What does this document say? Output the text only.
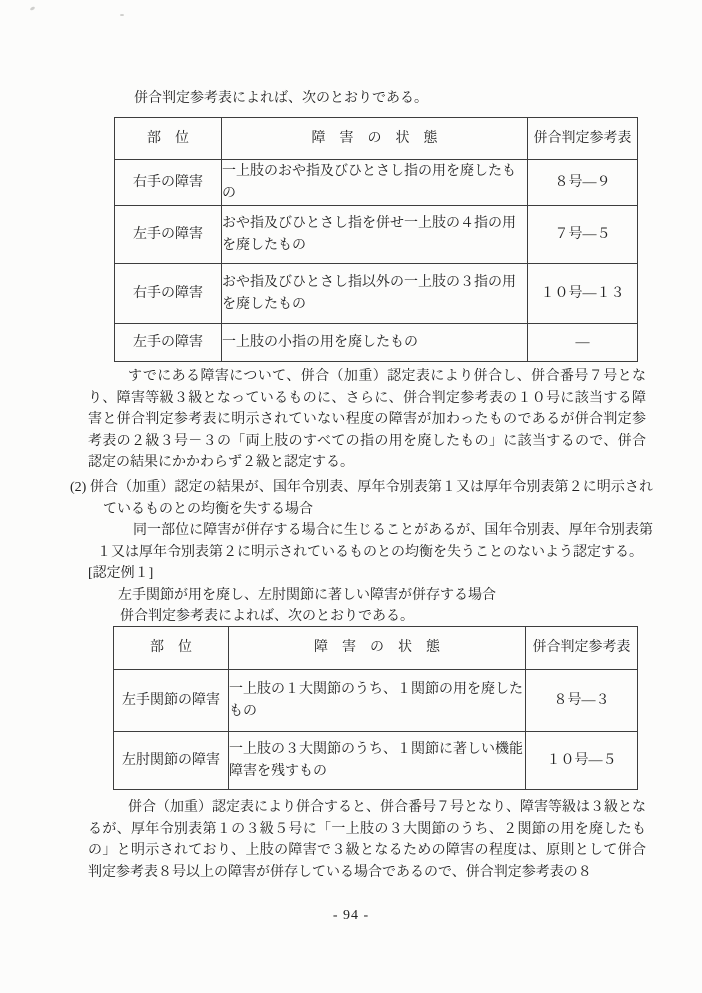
併合判定参考表によれば、次のとおりである。

部　位	障　害　の　状　態	併合判定参考表
右手の障害	一上肢のおや指及びひとさし指の用を廃したもの	８号―９
左手の障害	おや指及びひとさし指を併せ一上肢の４指の用を廃したもの	７号―５
右手の障害	おや指及びひとさし指以外の一上肢の３指の用を廃したもの	１０号―１３
左手の障害	一上肢の小指の用を廃したもの	―

すでにある障害について、併合（加重）認定表により併合し、併合番号７号となり、障害等級３級となっているものに、さらに、併合判定参考表の１０号に該当する障害と併合判定参考表に明示されていない程度の障害が加わったものであるが併合判定参考表の２級３号－３の「両上肢のすべての指の用を廃したもの」に該当するので、併合認定の結果にかかわらず２級と認定する。

(2) 併合（加重）認定の結果が、国年令別表、厚年令別表第１又は厚年令別表第２に明示されているものとの均衡を失する場合

同一部位に障害が併存する場合に生じることがあるが、国年令別表、厚年令別表第１又は厚年令別表第２に明示されているものとの均衡を失うことのないよう認定する。

[認定例１]

左手関節が用を廃し、左肘関節に著しい障害が併存する場合

併合判定参考表によれば、次のとおりである。

部　位	障　害　の　状　態	併合判定参考表
左手関節の障害	一上肢の１大関節のうち、１関節の用を廃したもの	８号―３
左肘関節の障害	一上肢の３大関節のうち、１関節に著しい機能障害を残すもの	１０号―５

併合（加重）認定表により併合すると、併合番号７号となり、障害等級は３級となるが、厚年令別表第１の３級５号に「一上肢の３大関節のうち、２関節の用を廃したもの」と明示されており、上肢の障害で３級となるための障害の程度は、原則として併合判定参考表８号以上の障害が併存している場合であるので、併合判定参考表の８

- 94 -
